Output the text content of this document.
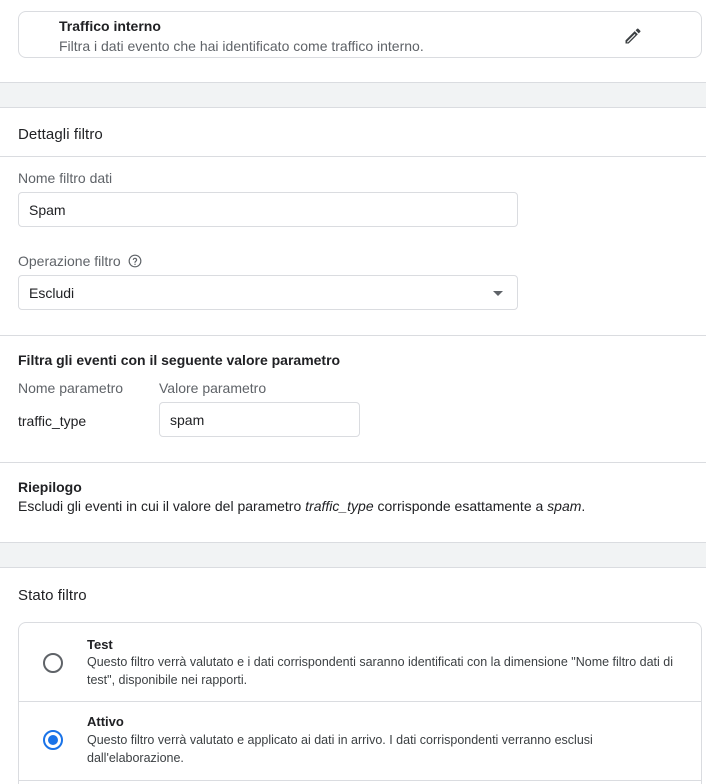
Traffico interno
Filtra i dati evento che hai identificato come traffico interno.
Dettagli filtro
Nome filtro dati
Spam
Operazione filtro
Escludi
Filtra gli eventi con il seguente valore parametro
Nome parametro	Valore parametro
traffic_type
spam
Riepilogo
Escludi gli eventi in cui il valore del parametro traffic_type corrisponde esattamente a spam.
Stato filtro
Test
Questo filtro verrà valutato e i dati corrispondenti saranno identificati con la dimensione "Nome filtro dati di test", disponibile nei rapporti.
Attivo
Questo filtro verrà valutato e applicato ai dati in arrivo. I dati corrispondenti verranno esclusi dall'elaborazione.
